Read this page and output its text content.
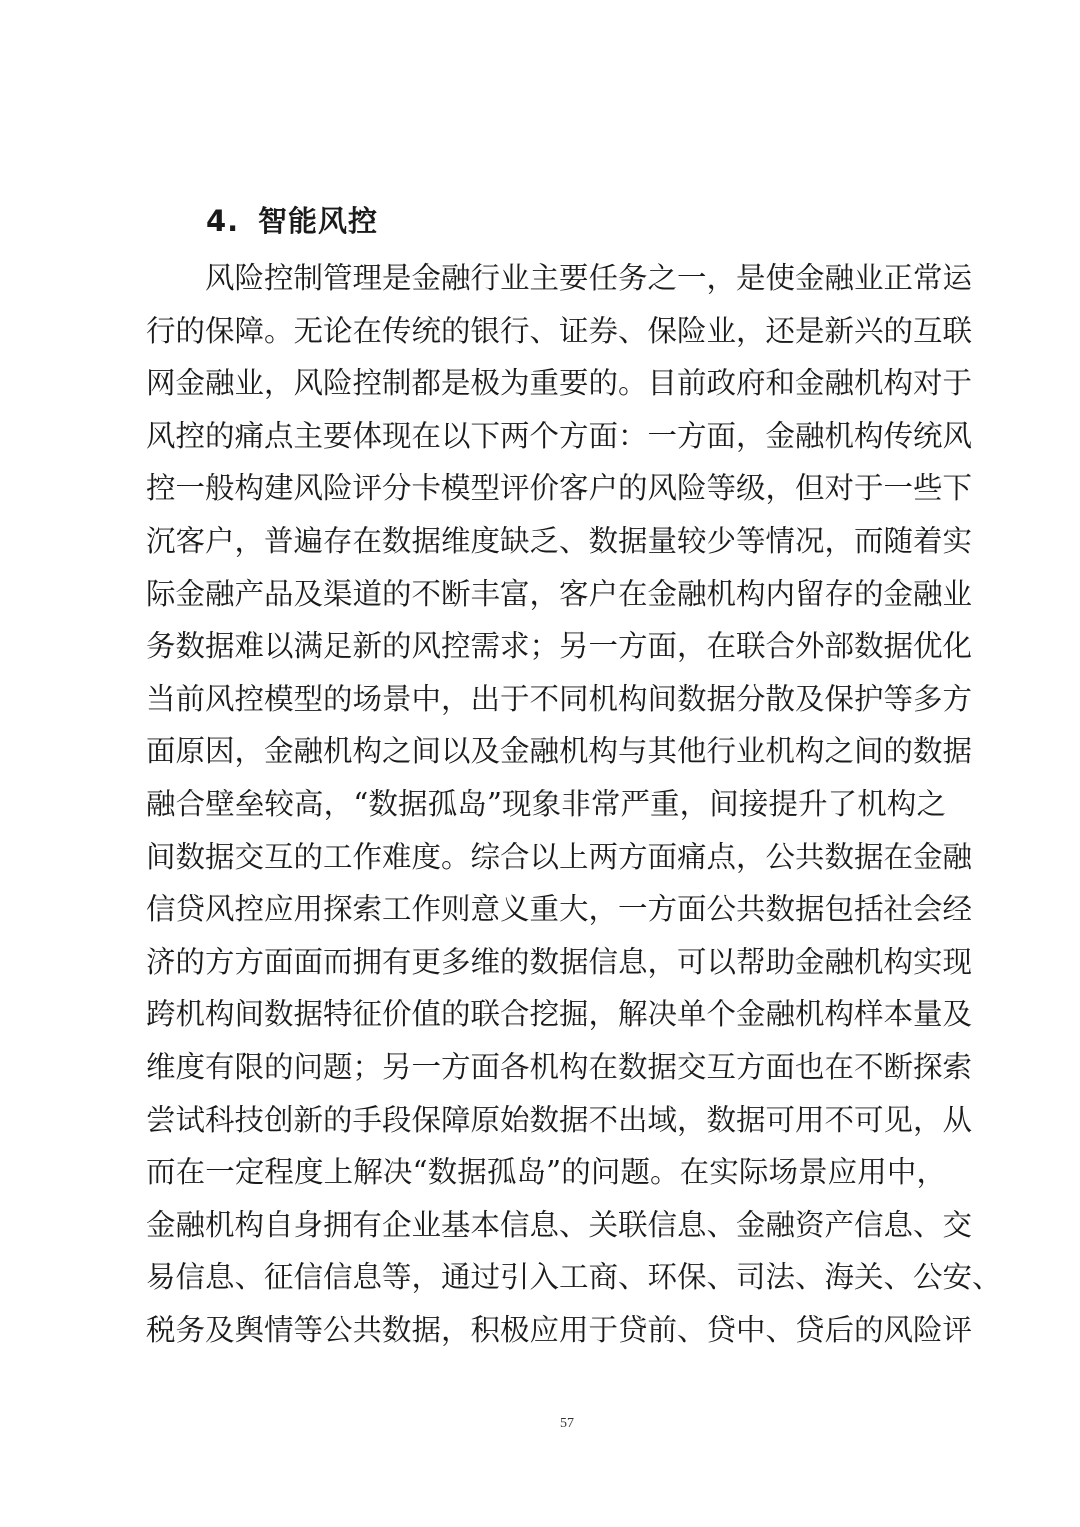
4. 智能风控
风险控制管理是金融行业主要任务之一，是使金融业正常运
行的保障。无论在传统的银行、证券、保险业，还是新兴的互联
网金融业，风险控制都是极为重要的。目前政府和金融机构对于
风控的痛点主要体现在以下两个方面：一方面，金融机构传统风
控一般构建风险评分卡模型评价客户的风险等级，但对于一些下
沉客户，普遍存在数据维度缺乏、数据量较少等情况，而随着实
际金融产品及渠道的不断丰富，客户在金融机构内留存的金融业
务数据难以满足新的风控需求；另一方面，在联合外部数据优化
当前风控模型的场景中，出于不同机构间数据分散及保护等多方
面原因，金融机构之间以及金融机构与其他行业机构之间的数据
融合壁垒较高，“数据孤岛”现象非常严重，间接提升了机构之
间数据交互的工作难度。综合以上两方面痛点，公共数据在金融
信贷风控应用探索工作则意义重大，一方面公共数据包括社会经
济的方方面面而拥有更多维的数据信息，可以帮助金融机构实现
跨机构间数据特征价值的联合挖掘，解决单个金融机构样本量及
维度有限的问题；另一方面各机构在数据交互方面也在不断探索
尝试科技创新的手段保障原始数据不出域，数据可用不可见，从
而在一定程度上解决“数据孤岛”的问题。在实际场景应用中，
金融机构自身拥有企业基本信息、关联信息、金融资产信息、交
易信息、征信信息等，通过引入工商、环保、司法、海关、公安、
税务及舆情等公共数据，积极应用于贷前、贷中、贷后的风险评
57
